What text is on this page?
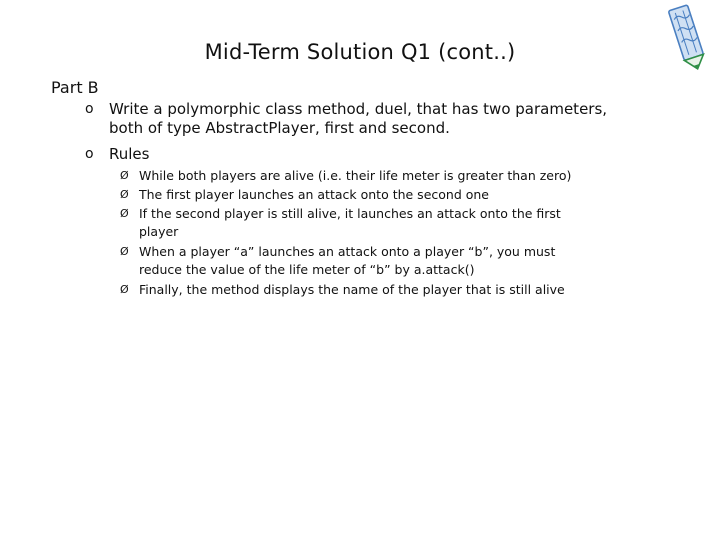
Mid-Term Solution Q1 (cont..)
Part B
o	Write a polymorphic class method, duel, that has two parameters,
both of type AbstractPlayer, first and second.
o	Rules
Ø While both players are alive (i.e. their life meter is greater than zero)
Ø The first player launches an attack onto the second one
Ø If the second player is still alive, it launches an attack onto the first
player
Ø When a player “a” launches an attack onto a player “b”, you must
reduce the value of the life meter of “b” by a.attack()
Ø Finally, the method displays the name of the player that is still alive
